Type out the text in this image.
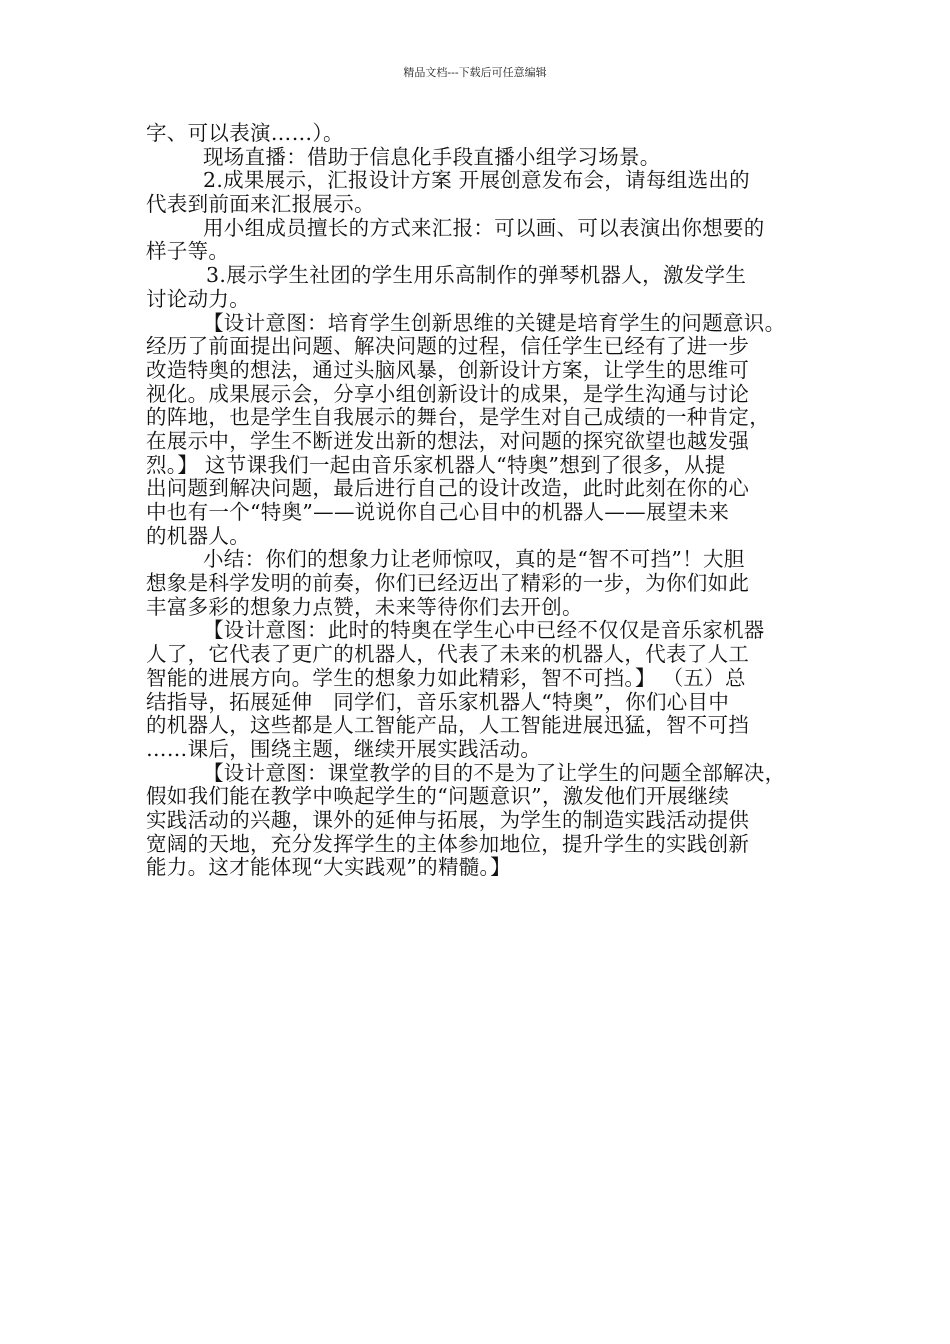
精品文档---下载后可任意编辑
字、可以表演……）。
现场直播：借助于信息化手段直播小组学习场景。
2.成果展示，汇报设计方案 开展创意发布会，请每组选出的
代表到前面来汇报展示。
用小组成员擅长的方式来汇报：可以画、可以表演出你想要的
样子等。
3.展示学生社团的学生用乐高制作的弹琴机器人，激发学生
讨论动力。
【设计意图：培育学生创新思维的关键是培育学生的问题意识。
经历了前面提出问题、解决问题的过程，信任学生已经有了进一步
改造特奥的想法，通过头脑风暴，创新设计方案，让学生的思维可
视化。成果展示会，分享小组创新设计的成果，是学生沟通与讨论
的阵地，也是学生自我展示的舞台，是学生对自己成绩的一种肯定，
在展示中，学生不断迸发出新的想法，对问题的探究欲望也越发强
烈。】 这节课我们一起由音乐家机器人“特奥”想到了很多，从提
出问题到解决问题，最后进行自己的设计改造，此时此刻在你的心
中也有一个“特奥”——说说你自己心目中的机器人——展望未来
的机器人。
小结：你们的想象力让老师惊叹，真的是“智不可挡”！大胆
想象是科学发明的前奏，你们已经迈出了精彩的一步，为你们如此
丰富多彩的想象力点赞，未来等待你们去开创。
【设计意图：此时的特奥在学生心中已经不仅仅是音乐家机器
人了，它代表了更广的机器人，代表了未来的机器人，代表了人工
智能的进展方向。学生的想象力如此精彩，智不可挡。】 （五）总
结指导，拓展延伸　同学们，音乐家机器人“特奥”，你们心目中
的机器人，这些都是人工智能产品，人工智能进展迅猛，智不可挡
……课后，围绕主题，继续开展实践活动。
【设计意图：课堂教学的目的不是为了让学生的问题全部解决，
假如我们能在教学中唤起学生的“问题意识”，激发他们开展继续
实践活动的兴趣，课外的延伸与拓展，为学生的制造实践活动提供
宽阔的天地，充分发挥学生的主体参加地位，提升学生的实践创新
能力。这才能体现“大实践观”的精髓。】
